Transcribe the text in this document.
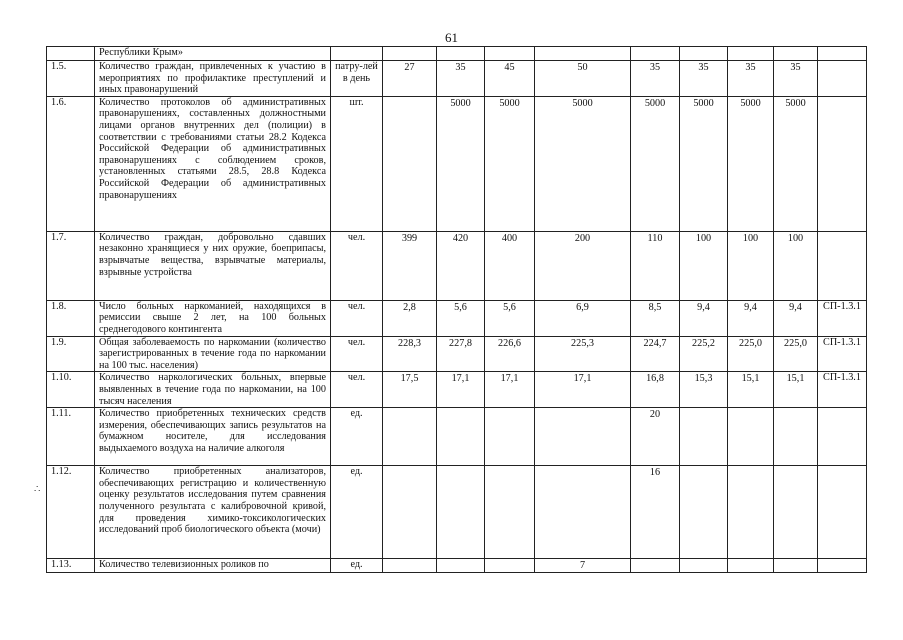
61
∴
	Республики Крым»										
1.5.	Количество граждан, привлеченных к участию в мероприятиях по профилактике преступлений и иных правонарушений	патру-лей в день	27	35	45	50	35	35	35	35	
1.6.	Количество протоколов об административных правонарушениях, составленных должностными лицами органов внутренних дел (полиции) в соответствии с требованиями статьи 28.2 Кодекса Российской Федерации об административных правонарушениях с соблюдением сроков, установленных статьями 28.5, 28.8 Кодекса Российской Федерации об административных правонарушениях	шт.		5000	5000	5000	5000	5000	5000	5000	
1.7.	Количество граждан, добровольно сдавших незаконно хранящиеся у них оружие, боеприпасы, взрывчатые вещества, взрывчатые материалы, взрывные устройства	чел.	399	420	400	200	110	100	100	100	
1.8.	Число больных наркоманией, находящихся в ремиссии свыше 2 лет, на 100 больных среднегодового контингента	чел.	2,8	5,6	5,6	6,9	8,5	9,4	9,4	9,4	СП-1.3.1
1.9.	Общая заболеваемость по наркомании (количество зарегистрированных в течение года по наркомании на 100 тыс. населения)	чел.	228,3	227,8	226,6	225,3	224,7	225,2	225,0	225,0	СП-1.3.1
1.10.	Количество наркологических больных, впервые выявленных в течение года по наркомании, на 100 тысяч населения	чел.	17,5	17,1	17,1	17,1	16,8	15,3	15,1	15,1	СП-1.3.1
1.11.	Количество приобретенных технических средств измерения, обеспечивающих запись результатов на бумажном носителе, для исследования выдыхаемого воздуха на наличие алкоголя	ед.					20				
1.12.	Количество приобретенных анализаторов, обеспечивающих регистрацию и количественную оценку результатов исследования путем сравнения полученного результата с калибровочной кривой, для проведения химико-токсикологических исследований проб биологического объекта (мочи)	ед.					16				
1.13.	Количество телевизионных роликов по	ед.				7					
